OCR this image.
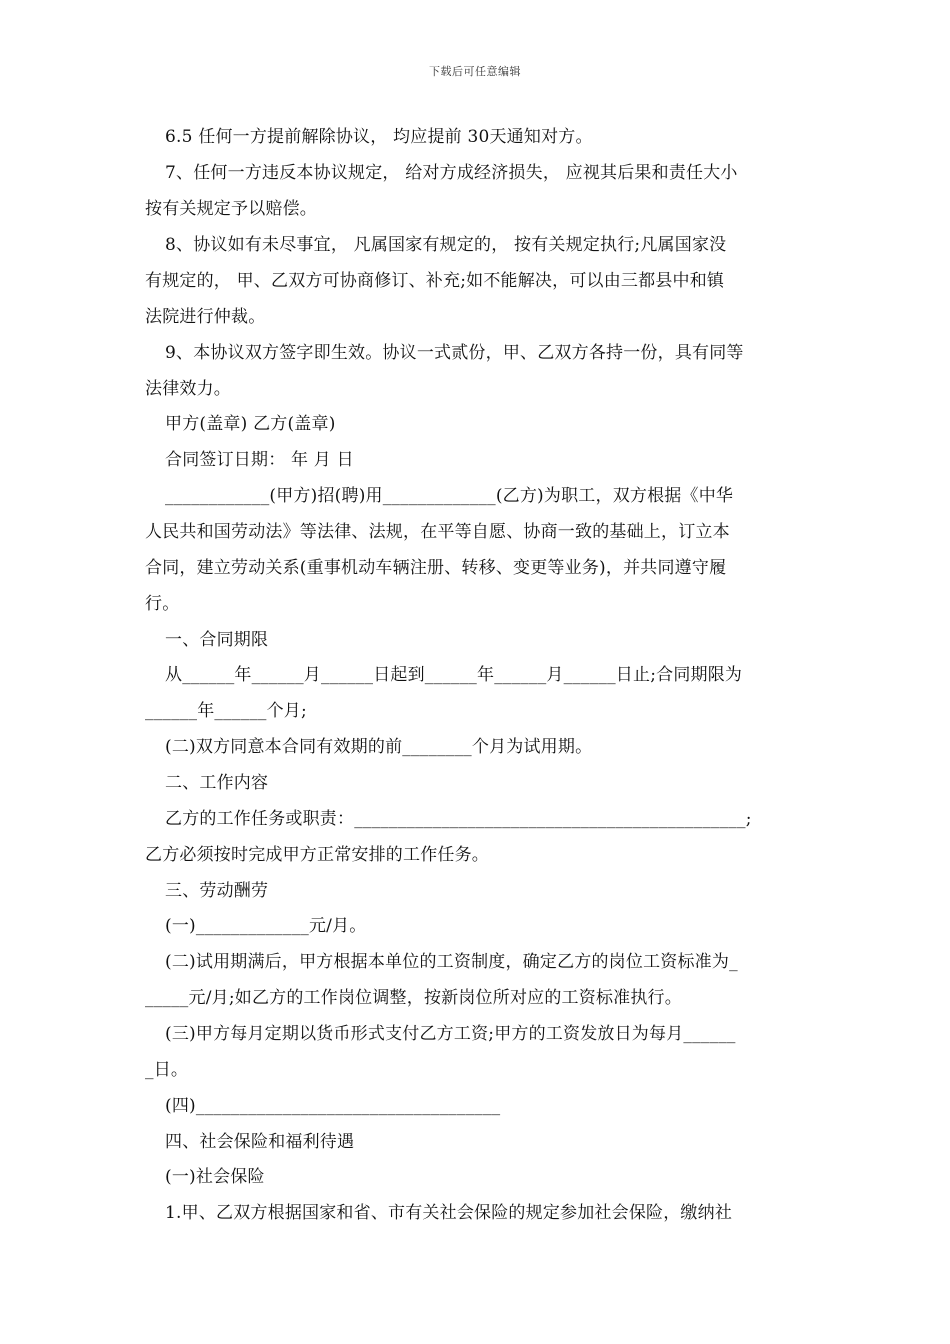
下载后可任意编辑
6.5 任何一方提前解除协议， 均应提前 30天通知对方。
7、任何一方违反本协议规定， 给对方成经济损失， 应视其后果和责任大小
按有关规定予以赔偿。
8、协议如有未尽事宜， 凡属国家有规定的， 按有关规定执行;凡属国家没
有规定的， 甲、乙双方可协商修订、补充;如不能解决，可以由三都县中和镇
法院进行仲裁。
9、本协议双方签字即生效。协议一式贰份，甲、乙双方各持一份，具有同等
法律效力。
甲方(盖章) 乙方(盖章)
合同签订日期： 年 月 日
____________(甲方)招(聘)用_____________(乙方)为职工，双方根据《中华
人民共和国劳动法》等法律、法规，在平等自愿、协商一致的基础上，订立本
合同，建立劳动关系(重事机动车辆注册、转移、变更等业务)，并共同遵守履
行。
一、合同期限
从______年______月______日起到______年______月______日止;合同期限为
______年______个月;
(二)双方同意本合同有效期的前________个月为试用期。
二、工作内容
乙方的工作任务或职责：_____________________________________________;
乙方必须按时完成甲方正常安排的工作任务。
三、劳动酬劳
(一)_____________元/月。
(二)试用期满后，甲方根据本单位的工资制度，确定乙方的岗位工资标准为_
_____元/月;如乙方的工作岗位调整，按新岗位所对应的工资标准执行。
(三)甲方每月定期以货币形式支付乙方工资;甲方的工资发放日为每月______
_日。
(四)___________________________________
四、社会保险和福利待遇
(一)社会保险
1.甲、乙双方根据国家和省、市有关社会保险的规定参加社会保险，缴纳社
